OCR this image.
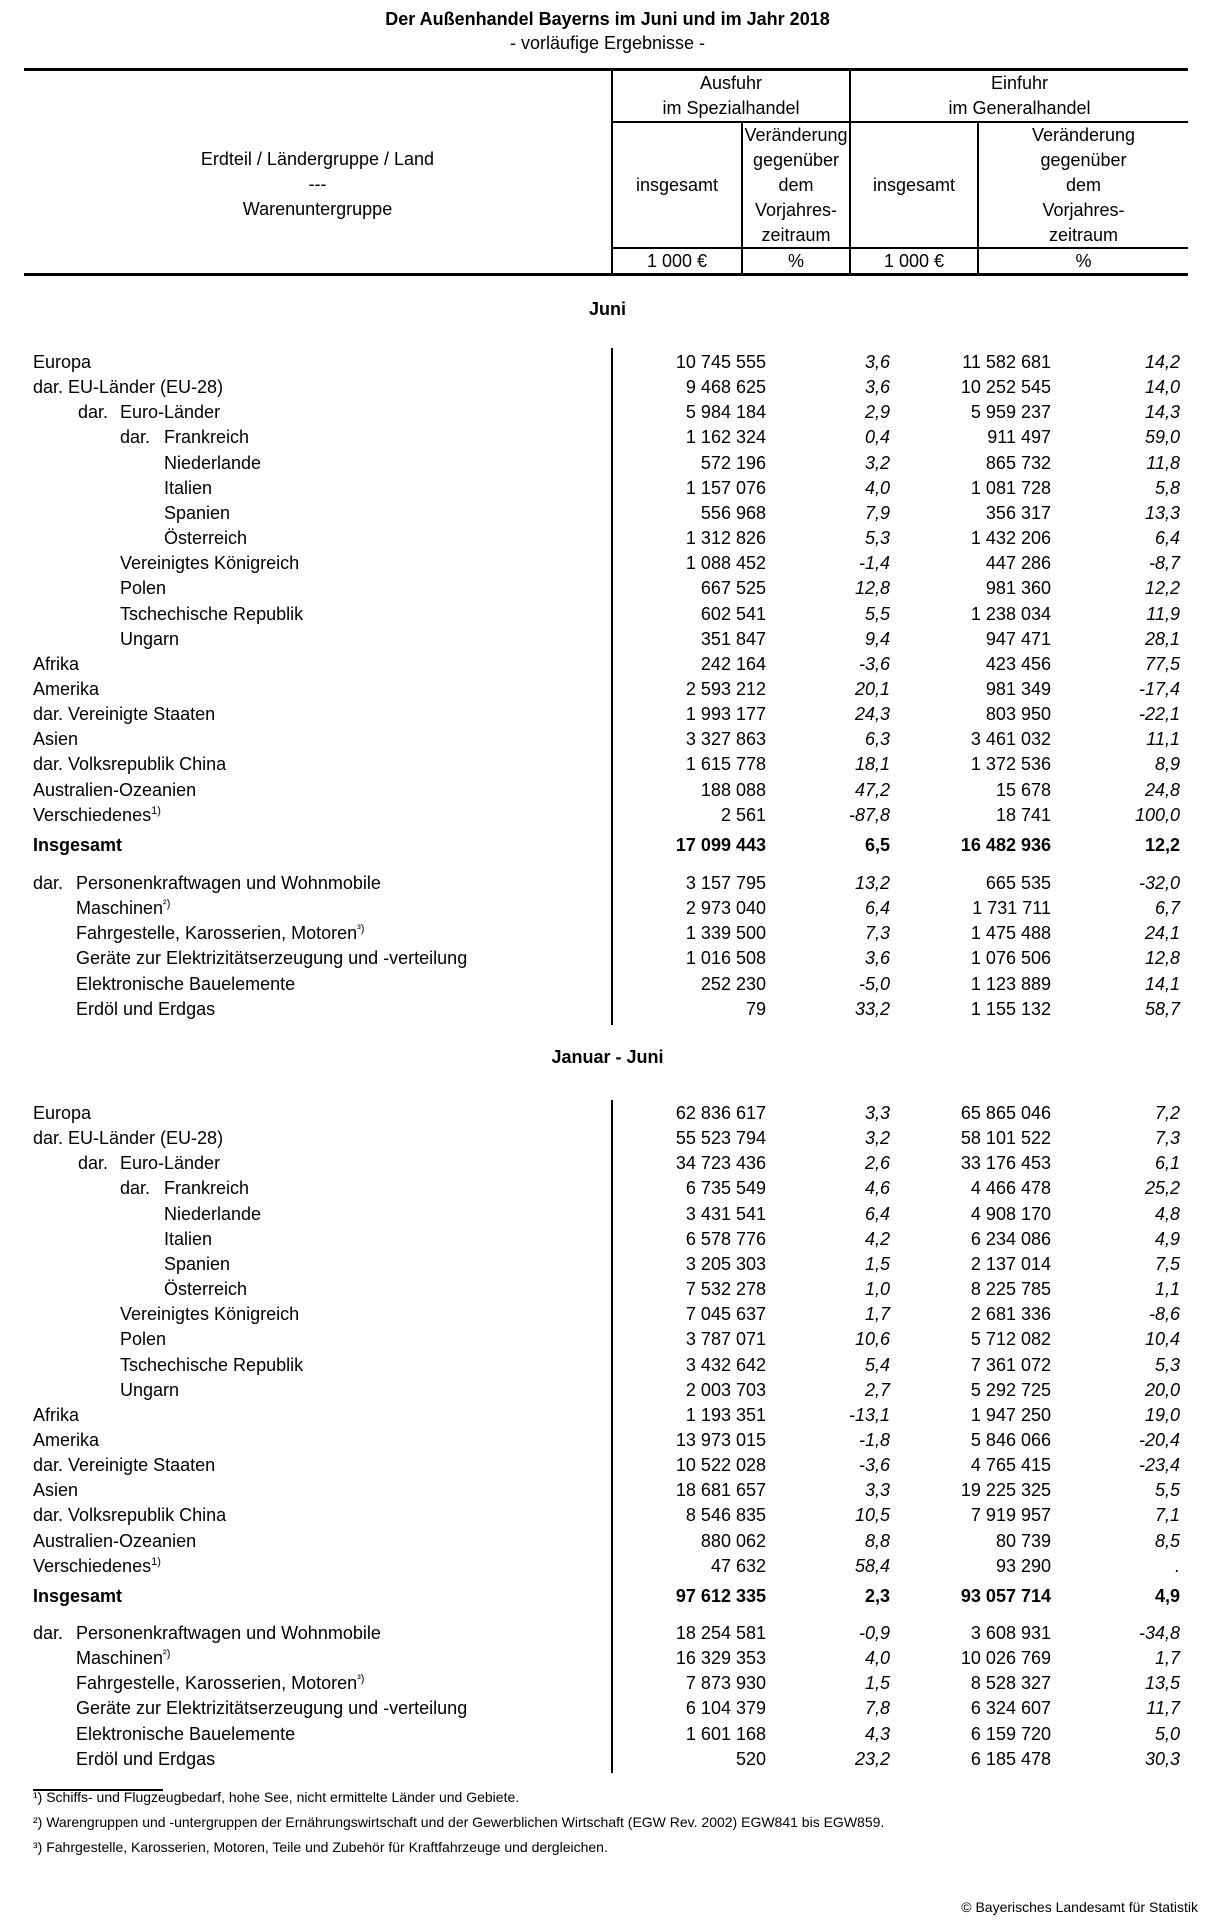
Der Außenhandel Bayerns im Juni und im Jahr 2018
- vorläufige Ergebnisse -
Erdteil / Ländergruppe / Land
---
Warenuntergruppe
Ausfuhr
im Spezialhandel
Einfuhr
im Generalhandel
insgesamt
Veränderung
gegenüber
dem
Vorjahres-
zeitraum
insgesamt
Veränderung
gegenüber
dem
Vorjahres-
zeitraum
1 000 €	%	1 000 €	%
Juni
Europa	10 745 555	3,6	11 582 681	14,2
dar. EU-Länder (EU-28)	9 468 625	3,6	10 252 545	14,0
dar. Euro-Länder	5 984 184	2,9	5 959 237	14,3
dar. Frankreich	1 162 324	0,4	911 497	59,0
Niederlande	572 196	3,2	865 732	11,8
Italien	1 157 076	4,0	1 081 728	5,8
Spanien	556 968	7,9	356 317	13,3
Österreich	1 312 826	5,3	1 432 206	6,4
Vereinigtes Königreich	1 088 452	-1,4	447 286	-8,7
Polen	667 525	12,8	981 360	12,2
Tschechische Republik	602 541	5,5	1 238 034	11,9
Ungarn	351 847	9,4	947 471	28,1
Afrika	242 164	-3,6	423 456	77,5
Amerika	2 593 212	20,1	981 349	-17,4
dar. Vereinigte Staaten	1 993 177	24,3	803 950	-22,1
Asien	3 327 863	6,3	3 461 032	11,1
dar. Volksrepublik China	1 615 778	18,1	1 372 536	8,9
Australien-Ozeanien	188 088	47,2	15 678	24,8
Verschiedenes$^{1)}$	2 561	-87,8	18 741	100,0
Insgesamt	17 099 443	6,5	16 482 936	12,2
dar. Personenkraftwagen und Wohnmobile	3 157 795	13,2	665 535	-32,0
Maschinen$^{^2)}$	2 973 040	6,4	1 731 711	6,7
Fahrgestelle, Karosserien, Motoren$^{^3)}$	1 339 500	7,3	1 475 488	24,1
Geräte zur Elektrizitätserzeugung und -verteilung	1 016 508	3,6	1 076 506	12,8
Elektronische Bauelemente	252 230	-5,0	1 123 889	14,1
Erdöl und Erdgas	79	33,2	1 155 132	58,7
Januar - Juni
Europa	62 836 617	3,3	65 865 046	7,2
dar. EU-Länder (EU-28)	55 523 794	3,2	58 101 522	7,3
dar. Euro-Länder	34 723 436	2,6	33 176 453	6,1
dar. Frankreich	6 735 549	4,6	4 466 478	25,2
Niederlande	3 431 541	6,4	4 908 170	4,8
Italien	6 578 776	4,2	6 234 086	4,9
Spanien	3 205 303	1,5	2 137 014	7,5
Österreich	7 532 278	1,0	8 225 785	1,1
Vereinigtes Königreich	7 045 637	1,7	2 681 336	-8,6
Polen	3 787 071	10,6	5 712 082	10,4
Tschechische Republik	3 432 642	5,4	7 361 072	5,3
Ungarn	2 003 703	2,7	5 292 725	20,0
Afrika	1 193 351	-13,1	1 947 250	19,0
Amerika	13 973 015	-1,8	5 846 066	-20,4
dar. Vereinigte Staaten	10 522 028	-3,6	4 765 415	-23,4
Asien	18 681 657	3,3	19 225 325	5,5
dar. Volksrepublik China	8 546 835	10,5	7 919 957	7,1
Australien-Ozeanien	880 062	8,8	80 739	8,5
Verschiedenes$^{1)}$	47 632	58,4	93 290	.
Insgesamt	97 612 335	2,3	93 057 714	4,9
dar. Personenkraftwagen und Wohnmobile	18 254 581	-0,9	3 608 931	-34,8
Maschinen$^{^2)}$	16 329 353	4,0	10 026 769	1,7
Fahrgestelle, Karosserien, Motoren$^{^3)}$	7 873 930	1,5	8 528 327	13,5
Geräte zur Elektrizitätserzeugung und -verteilung	6 104 379	7,8	6 324 607	11,7
Elektronische Bauelemente	1 601 168	4,3	6 159 720	5,0
Erdöl und Erdgas	520	23,2	6 185 478	30,3
¹) Schiffs- und Flugzeugbedarf, hohe See, nicht ermittelte Länder und Gebiete.
²) Warengruppen und -untergruppen der Ernährungswirtschaft und der Gewerblichen Wirtschaft (EGW Rev. 2002) EGW841 bis EGW859.
³) Fahrgestelle, Karosserien, Motoren, Teile und Zubehör für Kraftfahrzeuge und dergleichen.
© Bayerisches Landesamt für Statistik
